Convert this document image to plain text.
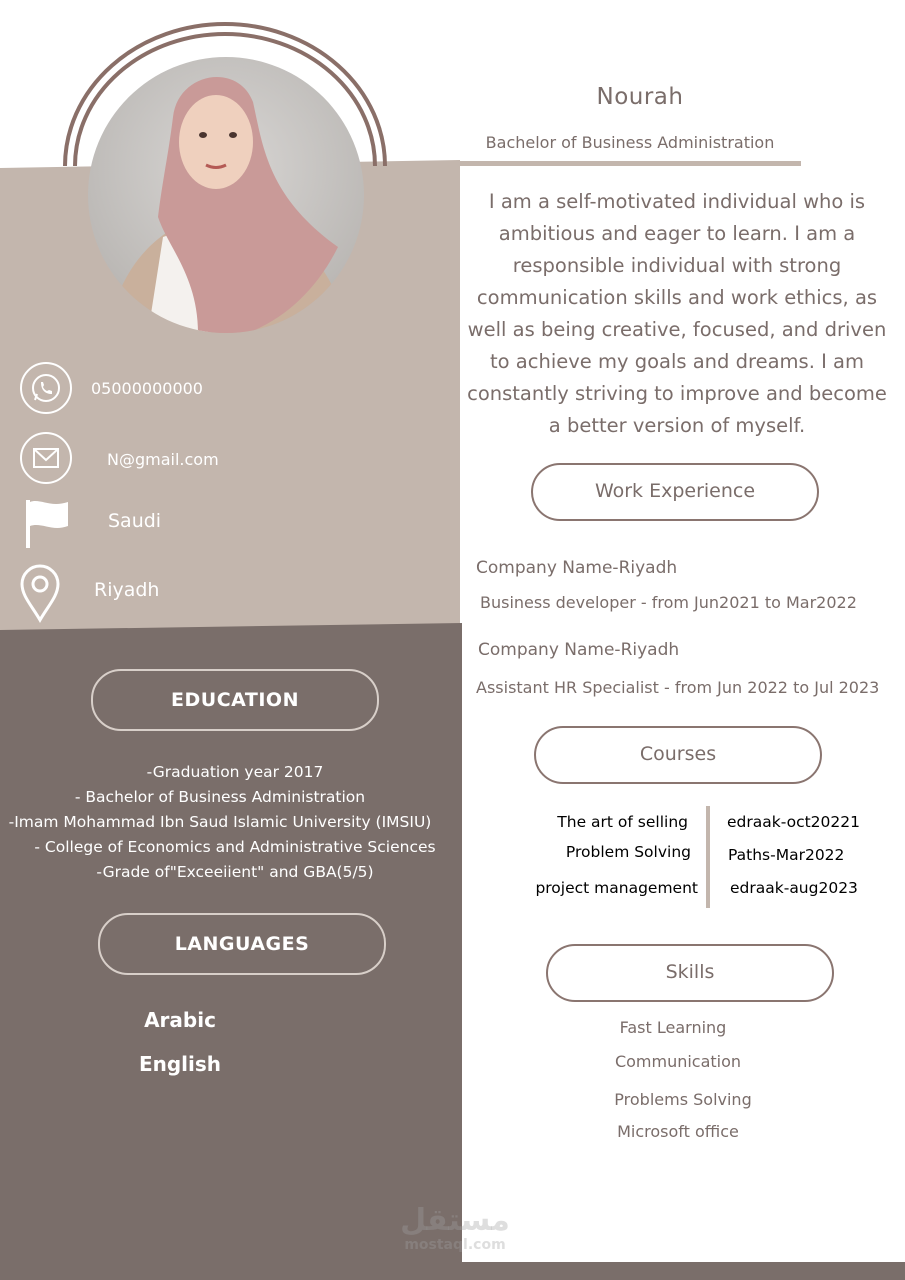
Nourah
Bachelor of Business Administration
I am a self-motivated individual who is ambitious and eager to learn. I am a responsible individual with strong communication skills and work ethics, as well as being creative, focused, and driven to achieve my goals and dreams. I am constantly striving to improve and become a better version of myself.
05000000000
N@gmail.com
Saudi
Riyadh
EDUCATION
-Graduation year 2017
- Bachelor of Business Administration
-Imam Mohammad Ibn Saud Islamic University (IMSIU)
- College of Economics and Administrative Sciences
-Grade of"Exceeiient" and GBA(5/5)
LANGUAGES
Arabic
English
Work Experience
Company Name-Riyadh
Business developer - from Jun2021 to Mar2022
Company Name-Riyadh
Assistant HR Specialist - from Jun 2022 to Jul 2023
Courses
The art of selling
Problem Solving
project management
edraak-oct20221
Paths-Mar2022
edraak-aug2023
Skills
Fast Learning
Communication
Problems Solving
Microsoft office
مستقل
mostaql.com
